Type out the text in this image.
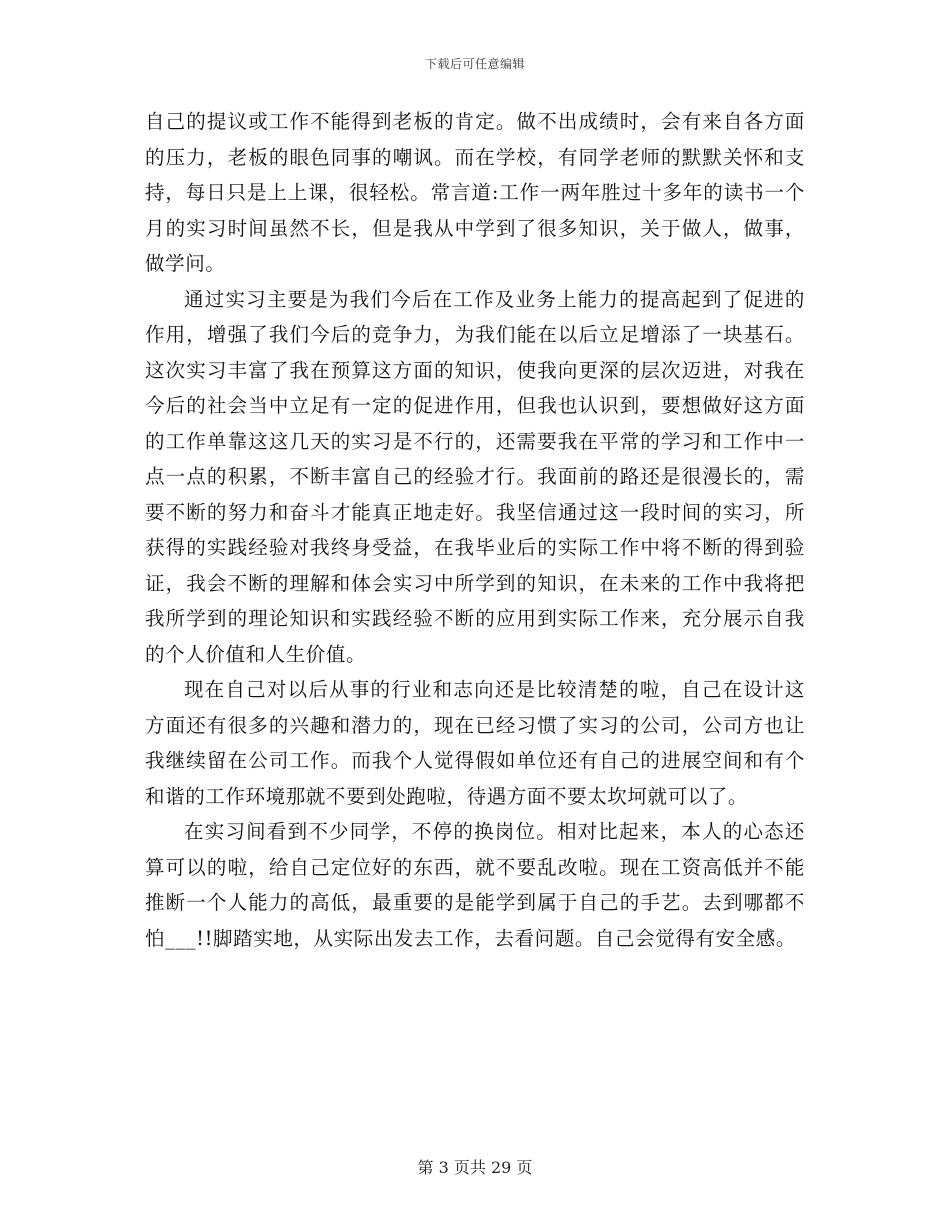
下载后可任意编辑

自己的提议或工作不能得到老板的肯定。做不出成绩时，会有来自各方面的压力，老板的眼色同事的嘲讽。而在学校，有同学老师的默默关怀和支持，每日只是上上课，很轻松。常言道:工作一两年胜过十多年的读书一个月的实习时间虽然不长，但是我从中学到了很多知识，关于做人，做事，做学问。

通过实习主要是为我们今后在工作及业务上能力的提高起到了促进的作用，增强了我们今后的竞争力，为我们能在以后立足增添了一块基石。这次实习丰富了我在预算这方面的知识，使我向更深的层次迈进，对我在今后的社会当中立足有一定的促进作用，但我也认识到，要想做好这方面的工作单靠这这几天的实习是不行的，还需要我在平常的学习和工作中一点一点的积累，不断丰富自己的经验才行。我面前的路还是很漫长的，需要不断的努力和奋斗才能真正地走好。我坚信通过这一段时间的实习，所获得的实践经验对我终身受益，在我毕业后的实际工作中将不断的得到验证，我会不断的理解和体会实习中所学到的知识，在未来的工作中我将把我所学到的理论知识和实践经验不断的应用到实际工作来，充分展示自我的个人价值和人生价值。

现在自己对以后从事的行业和志向还是比较清楚的啦，自己在设计这方面还有很多的兴趣和潜力的，现在已经习惯了实习的公司，公司方也让我继续留在公司工作。而我个人觉得假如单位还有自己的进展空间和有个和谐的工作环境那就不要到处跑啦，待遇方面不要太坎坷就可以了。

在实习间看到不少同学，不停的换岗位。相对比起来，本人的心态还算可以的啦，给自己定位好的东西，就不要乱改啦。现在工资高低并不能推断一个人能力的高低，最重要的是能学到属于自己的手艺。去到哪都不怕___!!脚踏实地，从实际出发去工作，去看问题。自己会觉得有安全感。

第 3 页共 29 页
